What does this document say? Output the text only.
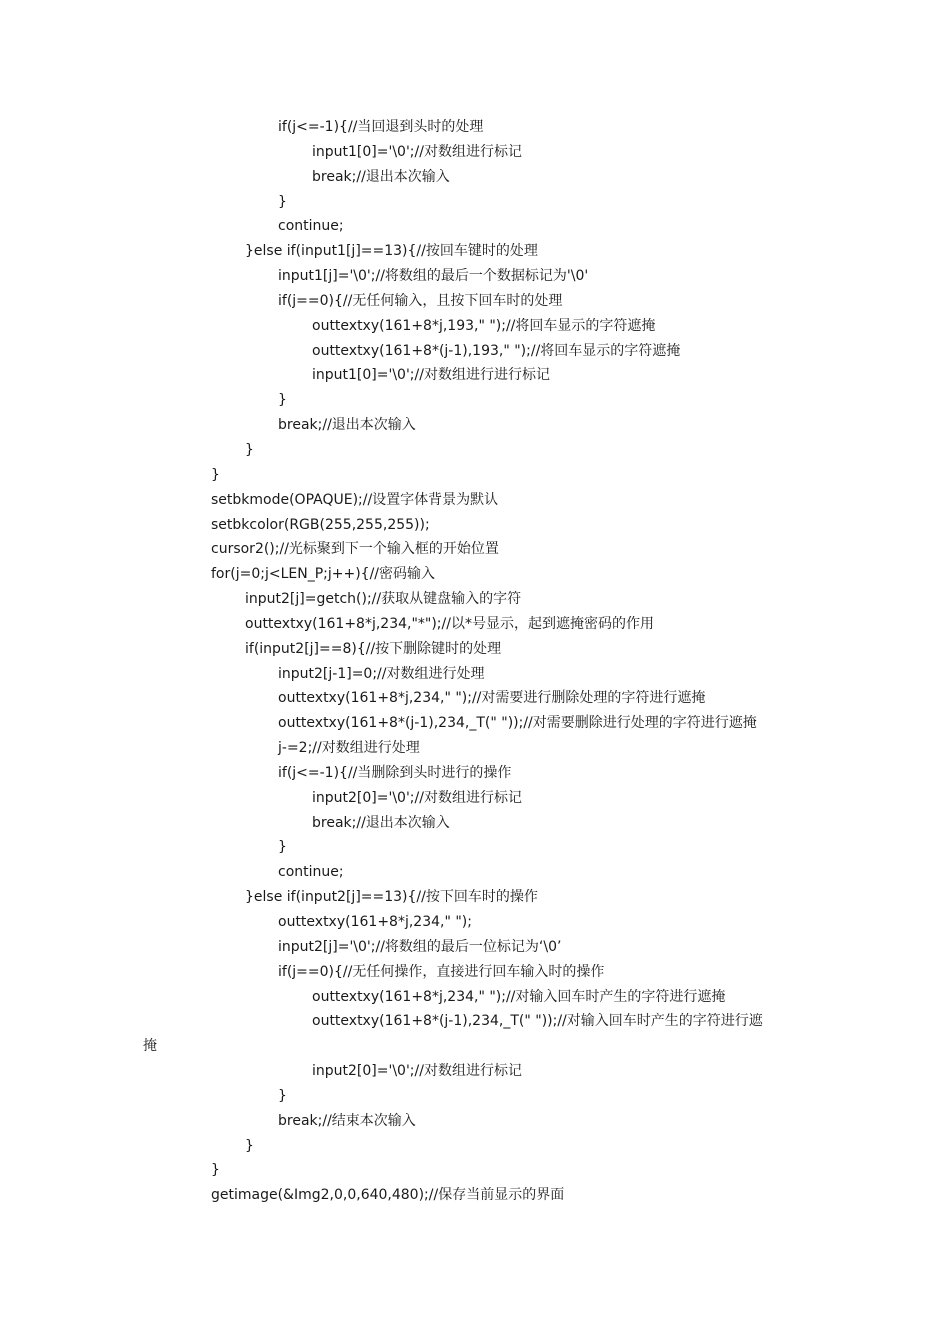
if(j<=-1){//当回退到头时的处理
input1[0]='\0';//对数组进行标记
break;//退出本次输入
}
continue;
}else if(input1[j]==13){//按回车键时的处理
input1[j]='\0';//将数组的最后一个数据标记为'\0'
if(j==0){//无任何输入，且按下回车时的处理
outtextxy(161+8*j,193," ");//将回车显示的字符遮掩
outtextxy(161+8*(j-1),193," ");//将回车显示的字符遮掩
input1[0]='\0';//对数组进行进行标记
}
break;//退出本次输入
}
}
setbkmode(OPAQUE);//设置字体背景为默认
setbkcolor(RGB(255,255,255));
cursor2();//光标聚到下一个输入框的开始位置
for(j=0;j<LEN_P;j++){//密码输入
input2[j]=getch();//获取从键盘输入的字符
outtextxy(161+8*j,234,"*");//以*号显示，起到遮掩密码的作用
if(input2[j]==8){//按下删除键时的处理
input2[j-1]=0;//对数组进行处理
outtextxy(161+8*j,234," ");//对需要进行删除处理的字符进行遮掩
outtextxy(161+8*(j-1),234,_T(" "));//对需要删除进行处理的字符进行遮掩
j-=2;//对数组进行处理
if(j<=-1){//当删除到头时进行的操作
input2[0]='\0';//对数组进行标记
break;//退出本次输入
}
continue;
}else if(input2[j]==13){//按下回车时的操作
outtextxy(161+8*j,234," ");
input2[j]='\0';//将数组的最后一位标记为‘\0’
if(j==0){//无任何操作，直接进行回车输入时的操作
outtextxy(161+8*j,234," ");//对输入回车时产生的字符进行遮掩
outtextxy(161+8*(j-1),234,_T(" "));//对输入回车时产生的字符进行遮
掩
input2[0]='\0';//对数组进行标记
}
break;//结束本次输入
}
}
getimage(&Img2,0,0,640,480);//保存当前显示的界面
